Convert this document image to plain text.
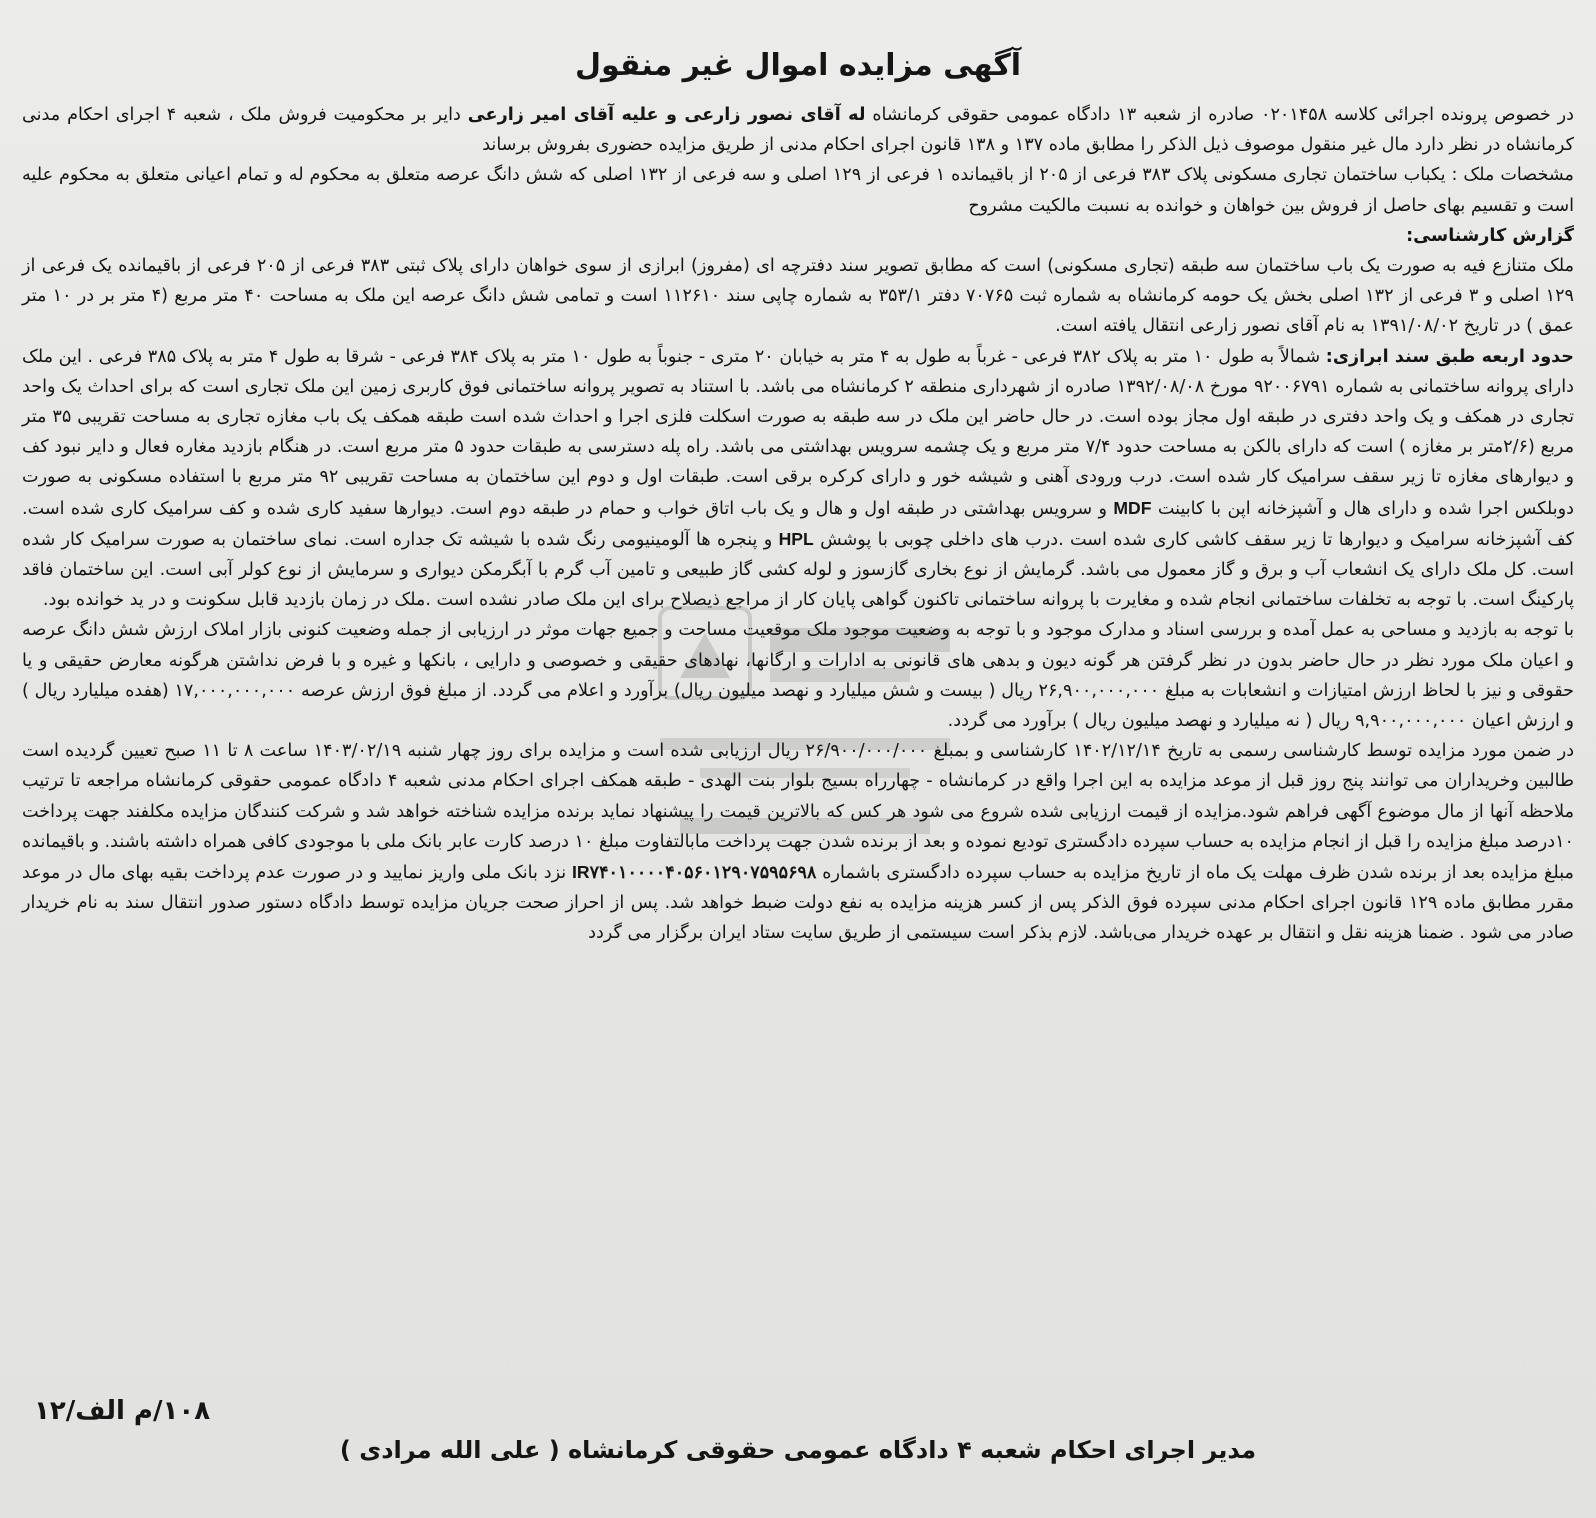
آگهی مزایده اموال غیر منقول

در خصوص پرونده اجرائی کلاسه ۰۲۰۱۴۵۸ صادره از شعبه ۱۳ دادگاه عمومی حقوقی کرمانشاه له آقای نصور زارعی و علیه آقای امیر زارعی دایر بر محکومیت فروش ملک ، شعبه ۴ اجرای احکام مدنی کرمانشاه در نظر دارد مال غیر منقول موصوف ذیل الذکر را مطابق ماده ۱۳۷ و ۱۳۸ قانون اجرای احکام مدنی از طریق مزایده حضوری بفروش برساند

مشخصات ملک : یکباب ساختمان تجاری مسکونی پلاک ۳۸۳ فرعی از ۲۰۵ از باقیمانده ۱ فرعی از ۱۲۹ اصلی و سه فرعی از ۱۳۲ اصلی که شش دانگ عرصه متعلق به محکوم له و تمام اعیانی متعلق به محکوم علیه است و تقسیم بهای حاصل از فروش بین خواهان و خوانده به نسبت مالکیت مشروح

گزارش کارشناسی:

ملک متنازع فیه به صورت یک باب ساختمان سه طبقه (تجاری مسکونی) است که مطابق تصویر سند دفترچه ای (مفروز) ابرازی از سوی خواهان دارای پلاک ثبتی ۳۸۳ فرعی از ۲۰۵ فرعی از باقیمانده یک فرعی از ۱۲۹ اصلی و ۳ فرعی از ۱۳۲ اصلی بخش یک حومه کرمانشاه به شماره ثبت ۷۰۷۶۵ دفتر ۳۵۳/۱ به شماره چاپی سند ۱۱۲۶۱۰ است و تمامی شش دانگ عرصه این ملک به مساحت ۴۰ متر مربع (۴ متر بر در ۱۰ متر عمق ) در تاریخ ۱۳۹۱/۰۸/۰۲ به نام آقای نصور زارعی انتقال یافته است.

حدود اربعه طبق سند ابرازی: شمالاً به طول ۱۰ متر به پلاک ۳۸۲ فرعی - غرباً به طول به ۴ متر به خیابان ۲۰ متری - جنوباً به طول ۱۰ متر به پلاک ۳۸۴ فرعی - شرقا به طول ۴ متر به پلاک ۳۸۵ فرعی . این ملک دارای پروانه ساختمانی به شماره ۹۲۰۰۶۷۹۱ مورخ ۱۳۹۲/۰۸/۰۸ صادره از شهرداری منطقه ۲ کرمانشاه می باشد. با استناد به تصویر پروانه ساختمانی فوق کاربری زمین این ملک تجاری است که برای احداث یک واحد تجاری در همکف و یک واحد دفتری در طبقه اول مجاز بوده است. در حال حاضر این ملک در سه طبقه به صورت اسکلت فلزی اجرا و احداث شده است طبقه همکف یک باب مغازه تجاری به مساحت تقریبی ۳۵ متر مربع (۲/۶متر بر مغازه ) است که دارای بالکن به مساحت حدود ۷/۴ متر مربع و یک چشمه سرویس بهداشتی می باشد. راه پله دسترسی به طبقات حدود ۵ متر مربع است. در هنگام بازدید مغاره فعال و دایر نبود کف و دیوارهای مغازه تا زیر سقف سرامیک کار شده است. درب ورودی آهنی و شیشه خور و دارای کرکره برقی است. طبقات اول و دوم این ساختمان به مساحت تقریبی ۹۲ متر مربع با استفاده مسکونی به صورت دوبلکس اجرا شده و دارای هال و آشپزخانه اپن با کابینت MDF و سرویس بهداشتی در طبقه اول و هال و یک باب اتاق خواب و حمام در طبقه دوم است. دیوارها سفید کاری شده و کف سرامیک کاری شده است. کف آشپزخانه سرامیک و دیوارها تا زیر سقف کاشی کاری شده است .درب های داخلی چوبی با پوشش HPL و پنجره ها آلومینیومی رنگ شده با شیشه تک جداره است. نمای ساختمان به صورت سرامیک کار شده است. کل ملک دارای یک انشعاب آب و برق و گاز معمول می باشد. گرمایش از نوع بخاری گازسوز و لوله کشی گاز طبیعی و تامین آب گرم با آبگرمکن دیواری و سرمایش از نوع کولر آبی است. این ساختمان فاقد پارکینگ است. با توجه به تخلفات ساختمانی انجام شده و مغایرت با پروانه ساختمانی تاکنون گواهی پایان کار از مراجع ذیصلاح برای این ملک صادر نشده است .ملک در زمان بازدید قابل سکونت و در ید خوانده بود.

با توجه به بازدید و مساحی به عمل آمده و بررسی اسناد و مدارک موجود و با توجه به وضعیت موجود ملک موقعیت مساحت و جمیع جهات موثر در ارزیابی از جمله وضعیت کنونی بازار املاک ارزش شش دانگ عرصه و اعیان ملک مورد نظر در حال حاضر بدون در نظر گرفتن هر گونه دیون و بدهی های قانونی به ادارات و ارگانها، نهادهای حقیقی و خصوصی و دارایی ، بانکها و غیره و با فرض نداشتن هرگونه معارض حقیقی و یا حقوقی و نیز با لحاظ ارزش امتیازات و انشعابات به مبلغ ۲۶,۹۰۰,۰۰۰,۰۰۰ ریال ( بیست و شش میلیارد و نهصد میلیون ریال) برآورد و اعلام می گردد. از مبلغ فوق ارزش عرصه ۱۷,۰۰۰,۰۰۰,۰۰۰ (هفده میلیارد ریال ) و ارزش اعیان ۹,۹۰۰,۰۰۰,۰۰۰ ریال ( نه میلیارد و نهصد میلیون ریال ) برآورد می گردد.

در ضمن مورد مزایده توسط کارشناسی رسمی به تاریخ ۱۴۰۲/۱۲/۱۴ کارشناسی و بمبلغ ۲۶/۹۰۰/۰۰۰/۰۰۰ ریال ارزیابی شده است و مزایده برای روز چهار شنبه ۱۴۰۳/۰۲/۱۹ ساعت ۸ تا ۱۱ صبح تعیین گردیده است طالبین وخریداران می توانند پنج روز قبل از موعد مزایده به این اجرا واقع در کرمانشاه - چهارراه بسیج بلوار بنت الهدی - طبقه همکف اجرای احکام مدنی شعبه ۴ دادگاه عمومی حقوقی کرمانشاه مراجعه تا ترتیب ملاحظه آنها از مال موضوع آگهی فراهم شود.مزایده از قیمت ارزیابی شده شروع می شود هر کس که بالاترین قیمت را پیشنهاد نماید برنده مزایده شناخته خواهد شد و شرکت کنندگان مزایده مکلفند جهت پرداخت ۱۰درصد مبلغ مزایده را قبل از انجام مزایده به حساب سپرده دادگستری تودیع نموده و بعد از برنده شدن جهت پرداخت مابالتفاوت مبلغ ۱۰ درصد کارت عابر بانک ملی با موجودی کافی همراه داشته باشند. و باقیمانده مبلغ مزایده بعد از برنده شدن ظرف مهلت یک ماه از تاریخ مزایده به حساب سپرده دادگستری باشماره IR۷۴۰۱۰۰۰۰۴۰۵۶۰۱۲۹۰۷۵۹۵۶۹۸ نزد بانک ملی واریز نمایید و در صورت عدم پرداخت بقیه بهای مال در موعد مقرر مطابق ماده ۱۲۹ قانون اجرای احکام مدنی سپرده فوق الذکر پس از کسر هزینه مزایده به نفع دولت ضبط خواهد شد. پس از احراز صحت جریان مزایده توسط دادگاه دستور صدور انتقال سند به نام خریدار صادر می شود . ضمنا هزینه نقل و انتقال بر عهده خریدار می‌باشد. لازم بذکر است سیستمی از طریق سایت ستاد ایران برگزار می گردد

۱۰۸/م الف/۱۲
مدیر اجرای احکام شعبه ۴ دادگاه عمومی حقوقی کرمانشاه ( علی الله مرادی )
